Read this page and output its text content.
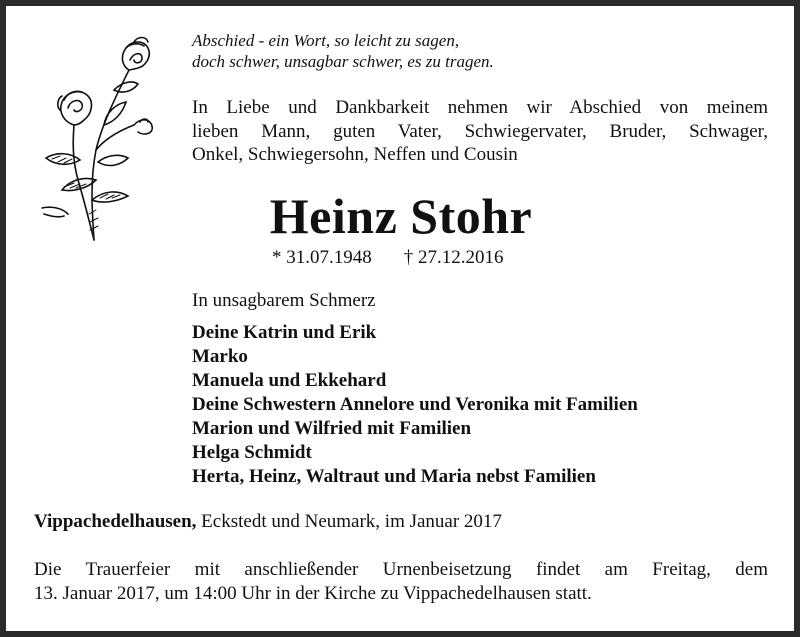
Abschied - ein Wort, so leicht zu sagen,
doch schwer, unsagbar schwer, es zu tragen.
In Liebe und Dankbarkeit nehmen wir Abschied von meinem
lieben Mann, guten Vater, Schwiegervater, Bruder, Schwager,
Onkel, Schwiegersohn, Neffen und Cousin
Heinz Stohr
* 31.07.1948 † 27.12.2016
In unsagbarem Schmerz
Deine Katrin und Erik
Marko
Manuela und Ekkehard
Deine Schwestern Annelore und Veronika mit Familien
Marion und Wilfried mit Familien
Helga Schmidt
Herta, Heinz, Waltraut und Maria nebst Familien
Vippachedelhausen, Eckstedt und Neumark, im Januar 2017
Die Trauerfeier mit anschließender Urnenbeisetzung findet am Freitag, dem
13. Januar 2017, um 14:00 Uhr in der Kirche zu Vippachedelhausen statt.
